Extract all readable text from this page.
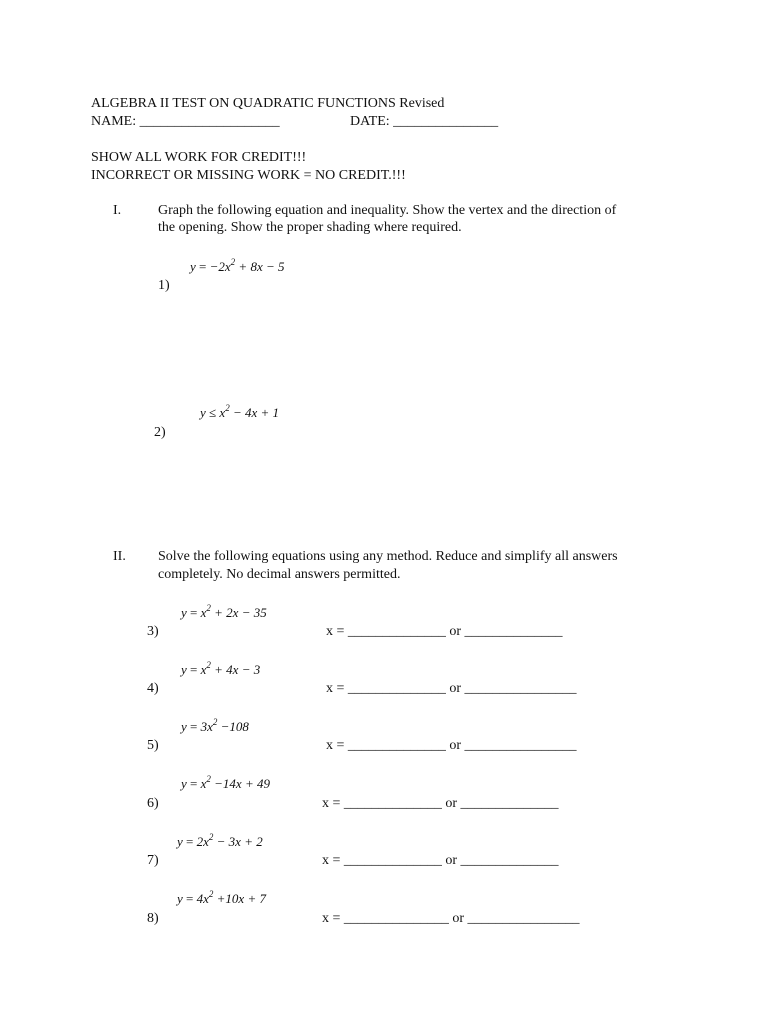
ALGEBRA II TEST ON QUADRATIC FUNCTIONS Revised
NAME: ____________________	DATE: _______________
SHOW ALL WORK FOR CREDIT!!!
INCORRECT OR MISSING WORK = NO CREDIT.!!!
I.	Graph the following equation and inequality. Show the vertex and the direction of
the opening. Show the proper shading where required.
$y = -2x^2 + 8x - 5$
1)
$y \le x^2 - 4x + 1$
2)
II. Solve the following equations using any method. Reduce and simplify all answers
completely. No decimal answers permitted.
$y = x^2 + 2x - 35$
3)	x = ______________ or ______________
$y = x^2 + 4x - 3$
4)	x = ______________ or ________________
$y = 3x^2 -108$
5)	x = ______________ or ________________
$y = x^2 -14x + 49$
6)	x = ______________ or ______________
$y = 2x^2 - 3x + 2$
7)	x = ______________ or ______________
$y = 4x^2 +10x + 7$
8)	x = _______________ or ________________
